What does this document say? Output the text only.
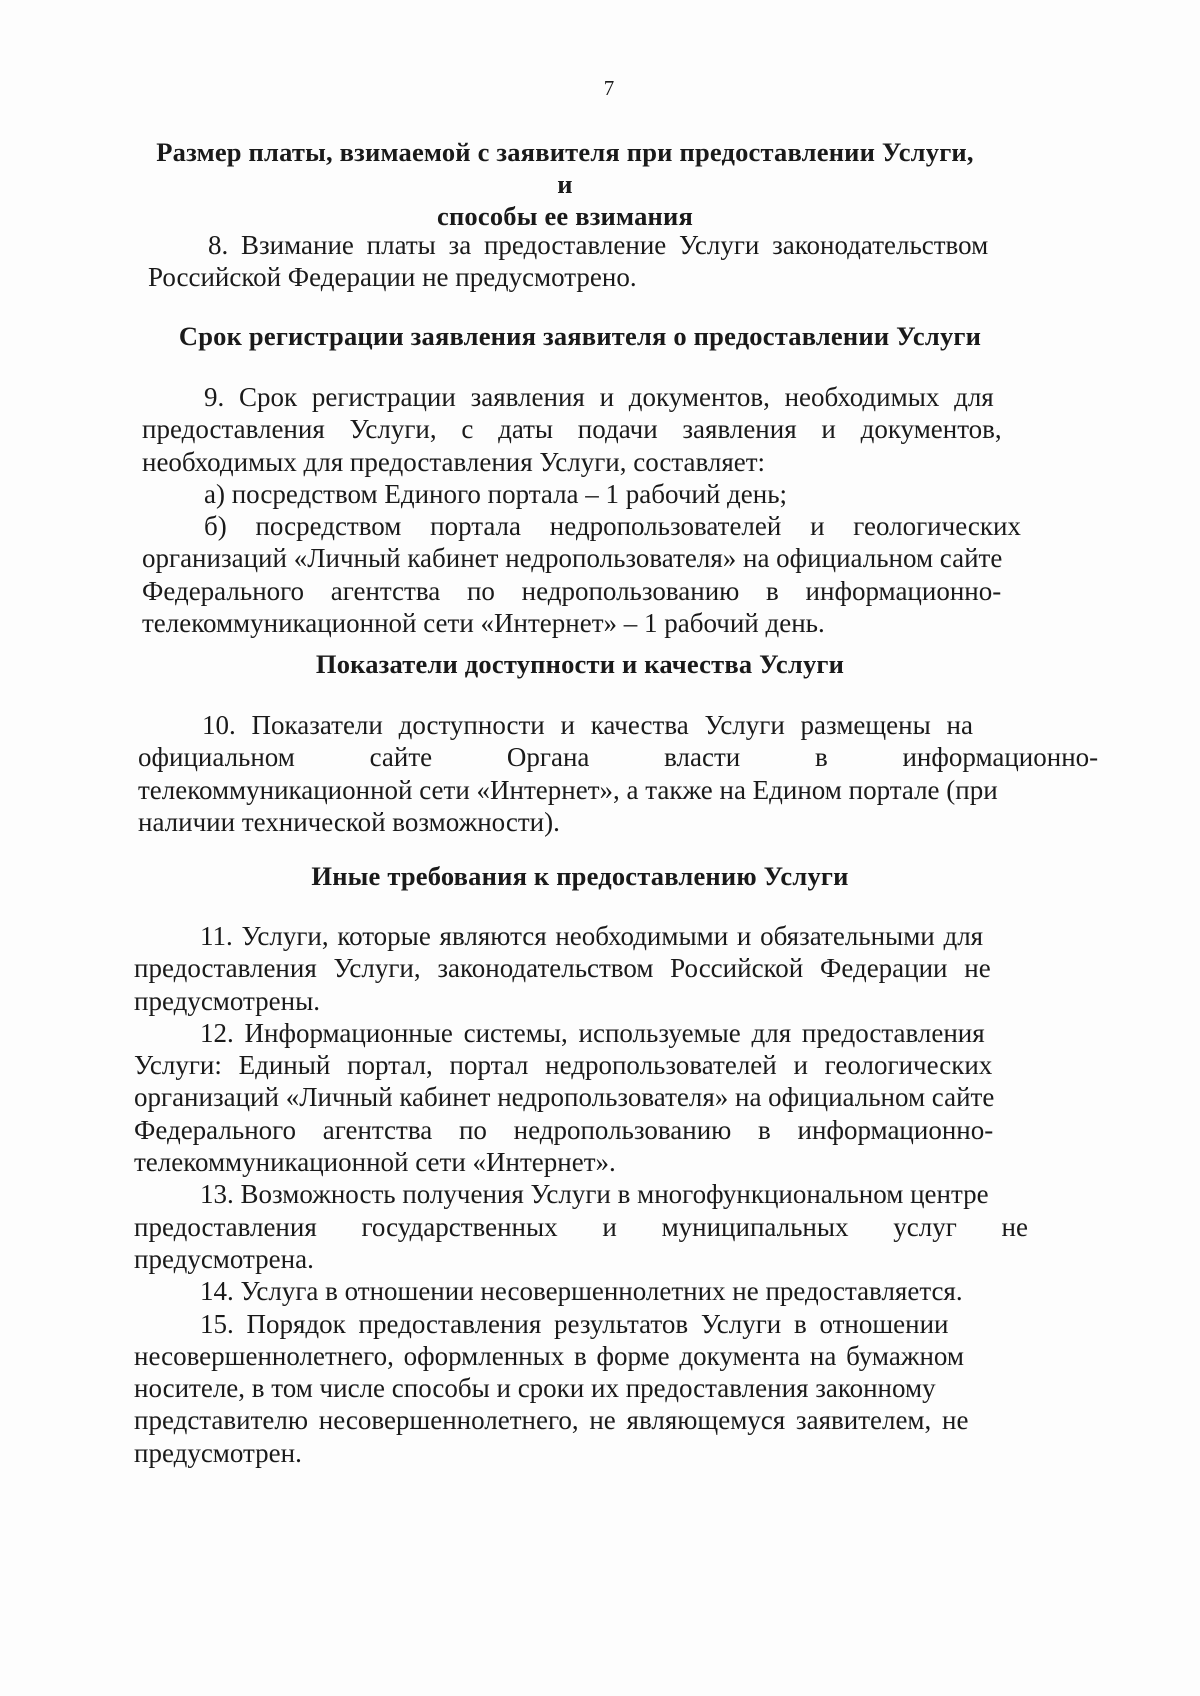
7
Размер платы, взимаемой с заявителя при предоставлении Услуги, и
способы ее взимания
8. Взимание платы за предоставление Услуги законодательством
Российской Федерации не предусмотрено.
Срок регистрации заявления заявителя о предоставлении Услуги
9. Срок регистрации заявления и документов, необходимых для
предоставления Услуги, с даты подачи заявления и документов,
необходимых для предоставления Услуги, составляет:
а) посредством Единого портала – 1 рабочий день;
б) посредством портала недропользователей и геологических
организаций «Личный кабинет недропользователя» на официальном сайте
Федерального агентства по недропользованию в информационно-
телекоммуникационной сети «Интернет» – 1 рабочий день.
Показатели доступности и качества Услуги
10. Показатели доступности и качества Услуги размещены на
официальном сайте Органа власти в информационно-
телекоммуникационной сети «Интернет», а также на Едином портале (при
наличии технической возможности).
Иные требования к предоставлению Услуги
11. Услуги, которые являются необходимыми и обязательными для
предоставления Услуги, законодательством Российской Федерации не
предусмотрены.
12. Информационные системы, используемые для предоставления
Услуги: Единый портал, портал недропользователей и геологических
организаций «Личный кабинет недропользователя» на официальном сайте
Федерального агентства по недропользованию в информационно-
телекоммуникационной сети «Интернет».
13. Возможность получения Услуги в многофункциональном центре
предоставления государственных и муниципальных услуг не
предусмотрена.
14. Услуга в отношении несовершеннолетних не предоставляется.
15. Порядок предоставления результатов Услуги в отношении
несовершеннолетнего, оформленных в форме документа на бумажном
носителе, в том числе способы и сроки их предоставления законному
представителю несовершеннолетнего, не являющемуся заявителем, не
предусмотрен.
